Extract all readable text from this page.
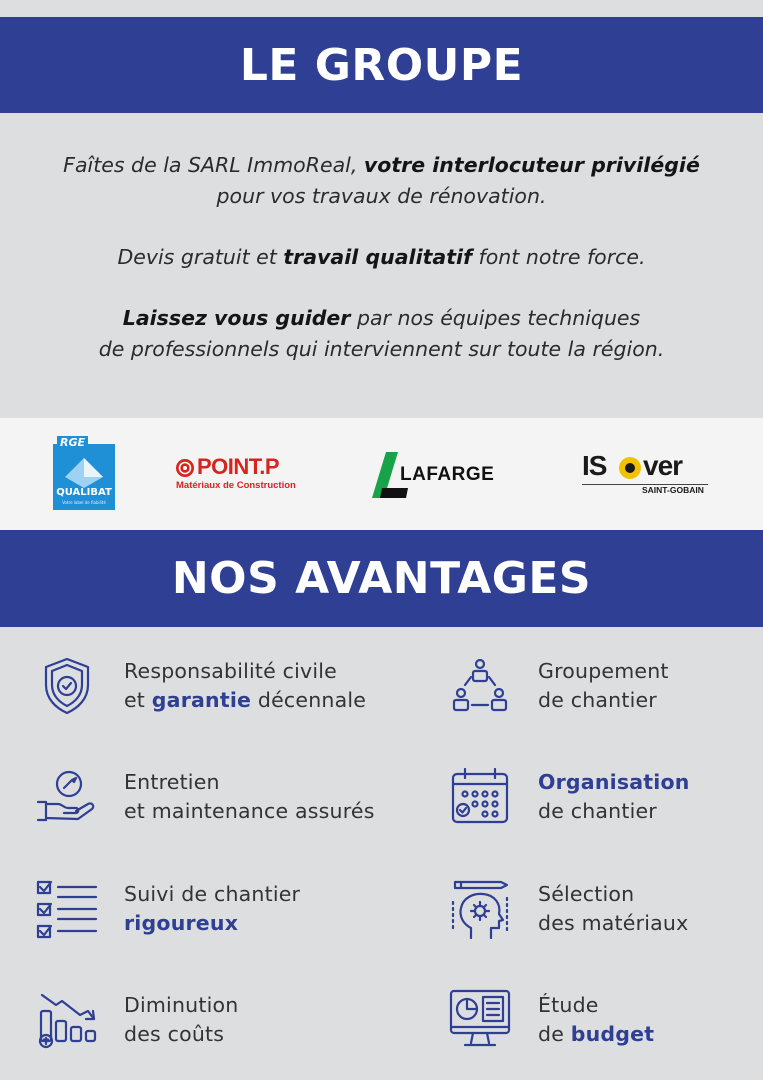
LE GROUPE

Faîtes de la SARL ImmoReal, votre interlocuteur privilégié
pour vos travaux de rénovation.

Devis gratuit et travail qualitatif font notre force.

Laissez vous guider par nos équipes techniques
de professionnels qui interviennent sur toute la région.

RGE
QUALIBAT
Votre label de fiabilité
POINT.P
Matériaux de Construction
LAFARGE	IS ver
SAINT-GOBAIN
NOS AVANTAGES
Responsabilité civile
et garantie décennale
Groupement
de chantier
Entretien
et maintenance assurés
Organisation
de chantier
Suivi de chantier
rigoureux
Sélection
des matériaux
Diminution
des coûts
Étude
de budget
